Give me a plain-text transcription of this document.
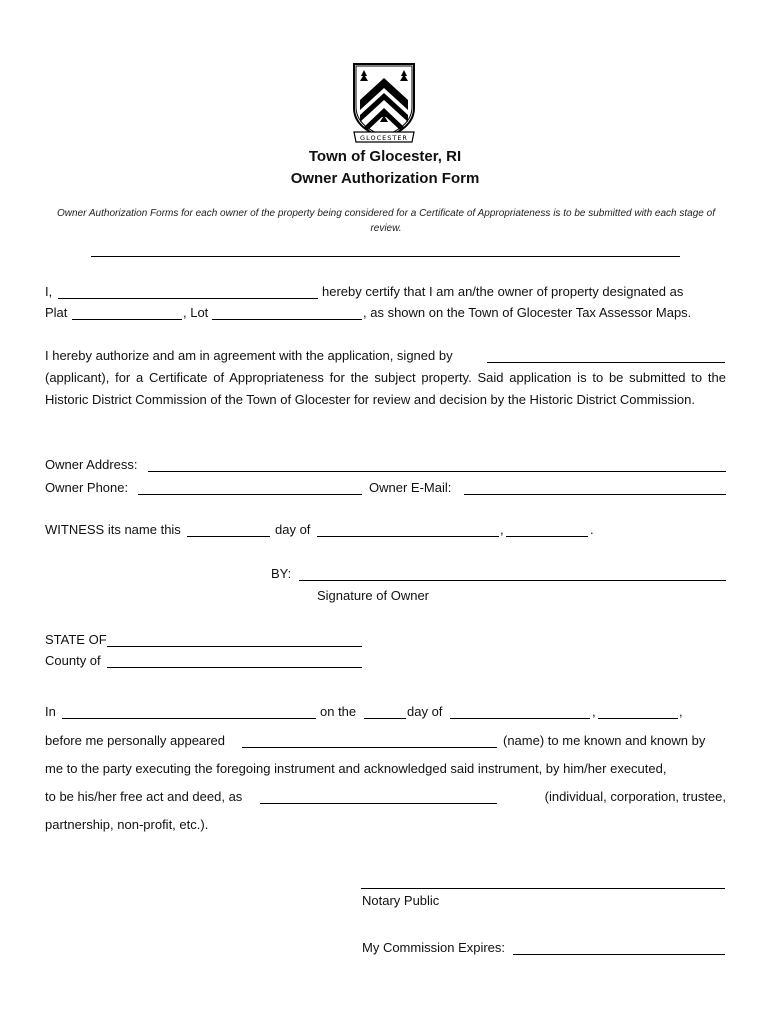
GLOCESTER
Town of Glocester, RI
Owner Authorization Form
Owner Authorization Forms for each owner of the property being considered for a Certificate of Appropriateness is to be submitted with each stage of review.
I,	hereby certify that I am an/the owner of property designated as
Plat	, Lot	, as shown on the Town of Glocester Tax Assessor Maps.
I hereby authorize and am in agreement with the application, signed by
(applicant), for a Certificate of Appropriateness for the subject property. Said application is to be submitted to the Historic District Commission of the Town of Glocester for review and decision by the Historic District Commission.
Owner Address:
Owner Phone:	Owner E-Mail:
WITNESS its name this	day of	,	.
BY:
Signature of Owner
STATE OF
County of
In	on the	day of	,	,
before me personally appeared	(name) to me known and known by
me to the party executing the foregoing instrument and acknowledged said instrument, by him/her executed,
to be his/her free act and deed, as	(individual, corporation, trustee,
partnership, non-profit, etc.).
Notary Public
My Commission Expires:
